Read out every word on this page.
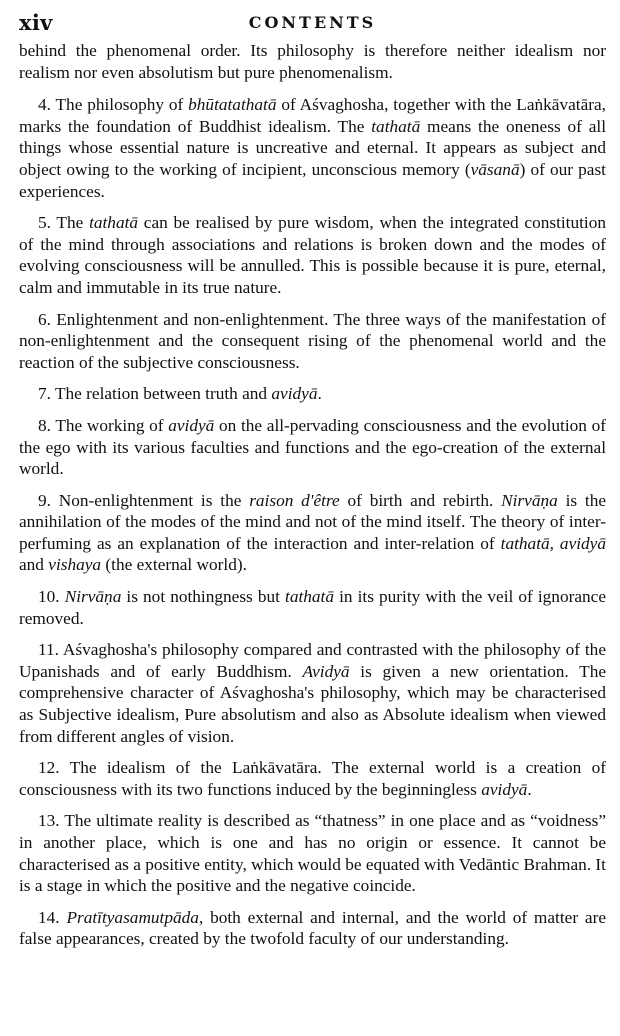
xiv	CONTENTS

behind the phenomenal order. Its philosophy is therefore neither idealism nor realism nor even absolutism but pure phenomenalism.

4. The philosophy of bhūtatathatā of Aśvaghosha, together with the Laṅkāvatāra, marks the foundation of Buddhist idealism. The tathatā means the oneness of all things whose essential nature is uncreative and eternal. It appears as subject and object owing to the working of incipient, unconscious memory (vāsanā) of our past experiences.

5. The tathatā can be realised by pure wisdom, when the integrated constitution of the mind through associations and relations is broken down and the modes of evolving consciousness will be annulled. This is possible because it is pure, eternal, calm and immutable in its true nature.

6. Enlightenment and non-enlightenment. The three ways of the manifestation of non-enlightenment and the consequent rising of the phenomenal world and the reaction of the subjective consciousness.

7. The relation between truth and avidyā.

8. The working of avidyā on the all-pervading consciousness and the evolution of the ego with its various faculties and functions and the ego-creation of the external world.

9. Non-enlightenment is the raison d'être of birth and rebirth. Nirvāṇa is the annihilation of the modes of the mind and not of the mind itself. The theory of inter-perfuming as an explanation of the interaction and inter-relation of tathatā, avidyā and vishaya (the external world).

10. Nirvāṇa is not nothingness but tathatā in its purity with the veil of ignorance removed.

11. Aśvaghosha's philosophy compared and contrasted with the philosophy of the Upanishads and of early Buddhism. Avidyā is given a new orientation. The comprehensive character of Aśvaghosha's philosophy, which may be characterised as Subjective idealism, Pure absolutism and also as Absolute idealism when viewed from different angles of vision.

12. The idealism of the Laṅkāvatāra. The external world is a creation of consciousness with its two functions induced by the beginningless avidyā.

13. The ultimate reality is described as “thatness” in one place and as “voidness” in another place, which is one and has no origin or essence. It cannot be characterised as a positive entity, which would be equated with Vedāntic Brahman. It is a stage in which the positive and the negative coincide.

14. Pratītyasamutpāda, both external and internal, and the world of matter are false appearances, created by the twofold faculty of our understanding.
